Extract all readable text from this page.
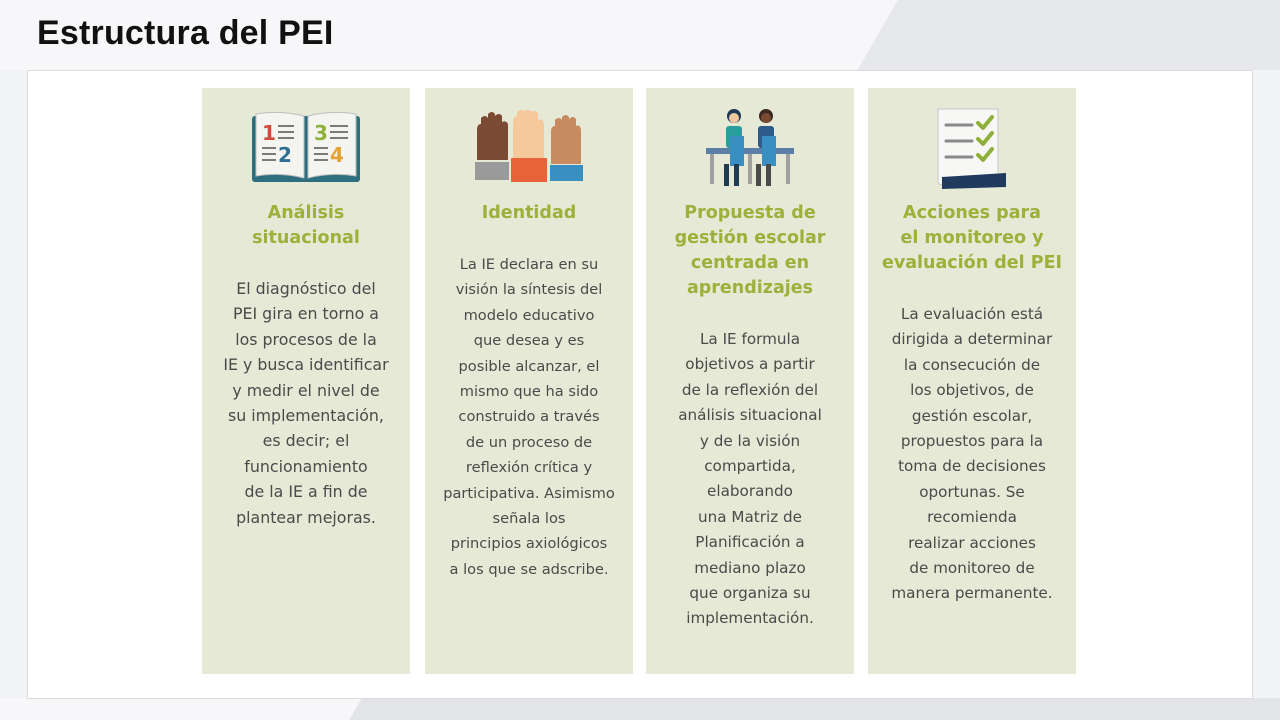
Estructura del PEI
1
2
3
4
Análisis
situacional
El diagnóstico del
PEI gira en torno a
los procesos de la
IE y busca identificar
y medir el nivel de
su implementación,
es decir; el
funcionamiento
de la IE a fin de
plantear mejoras.
Identidad
La IE declara en su
visión la síntesis del
modelo educativo
que desea y es
posible alcanzar, el
mismo que ha sido
construido a través
de un proceso de
reflexión crítica y
participativa. Asimismo
señala los
principios axiológicos
a los que se adscribe.
Propuesta de
gestión escolar
centrada en
aprendizajes
La IE formula
objetivos a partir
de la reflexión del
análisis situacional
y de la visión
compartida,
elaborando
una Matriz de
Planificación a
mediano plazo
que organiza su
implementación.
Acciones para
el monitoreo y
evaluación del PEI
La evaluación está
dirigida a determinar
la consecución de
los objetivos, de
gestión escolar,
propuestos para la
toma de decisiones
oportunas. Se
recomienda
realizar acciones
de monitoreo de
manera permanente.
